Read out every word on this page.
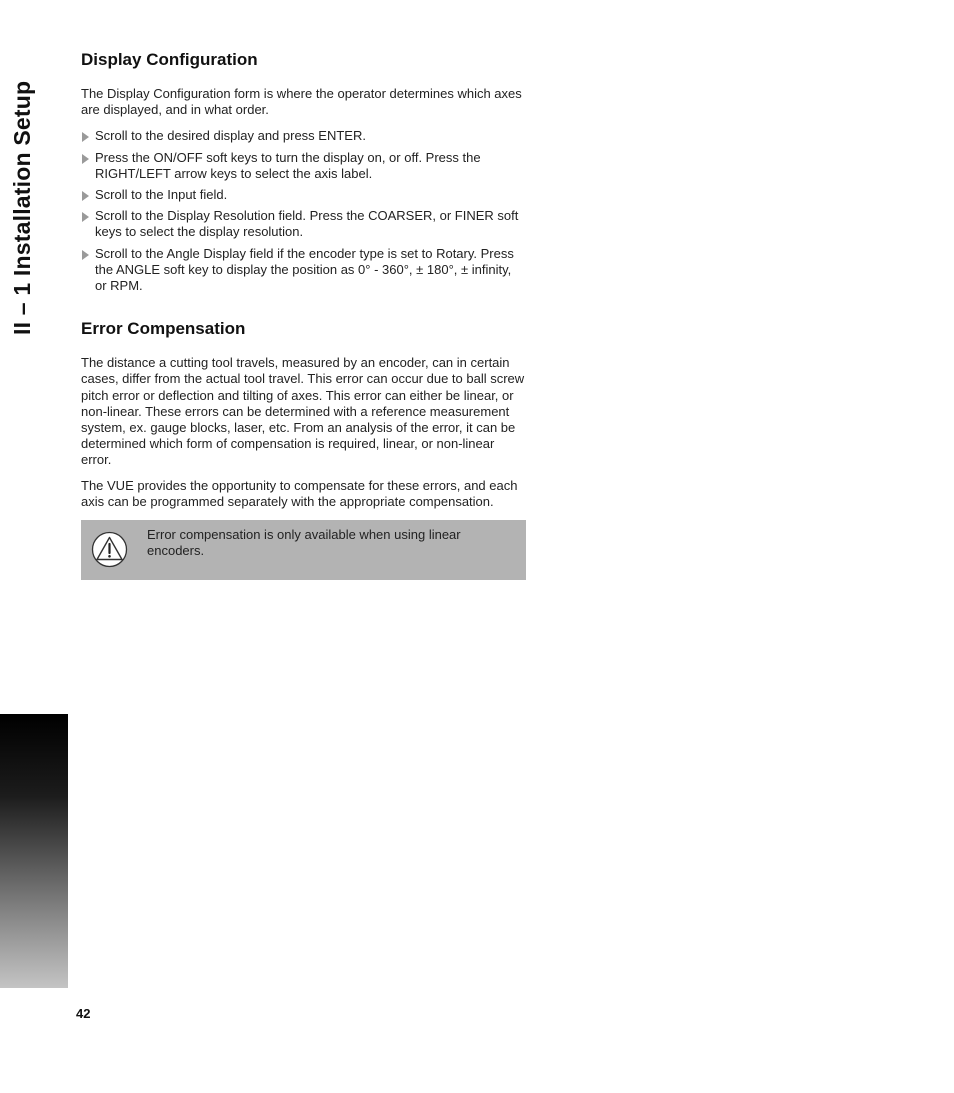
II – 1 Installation Setup
Display Configuration

The Display Configuration form is where the operator determines which axes are displayed, and in what order.

Scroll to the desired display and press ENTER.
Press the ON/OFF soft keys to turn the display on, or off. Press the RIGHT/LEFT arrow keys to select the axis label.
Scroll to the Input field.
Scroll to the Display Resolution field. Press the COARSER, or FINER soft keys to select the display resolution.
Scroll to the Angle Display field if the encoder type is set to Rotary. Press the ANGLE soft key to display the position as 0° - 360°, ± 180°, ± infinity, or RPM.
Error Compensation

The distance a cutting tool travels, measured by an encoder, can in certain cases, differ from the actual tool travel. This error can occur due to ball screw pitch error or deflection and tilting of axes. This error can either be linear, or non-linear. These errors can be determined with a reference measurement system, ex. gauge blocks, laser, etc. From an analysis of the error, it can be determined which form of compensation is required, linear, or non-linear error.

The VUE provides the opportunity to compensate for these errors, and each axis can be programmed separately with the appropriate compensation.

Error compensation is only available when using linear encoders.
42
